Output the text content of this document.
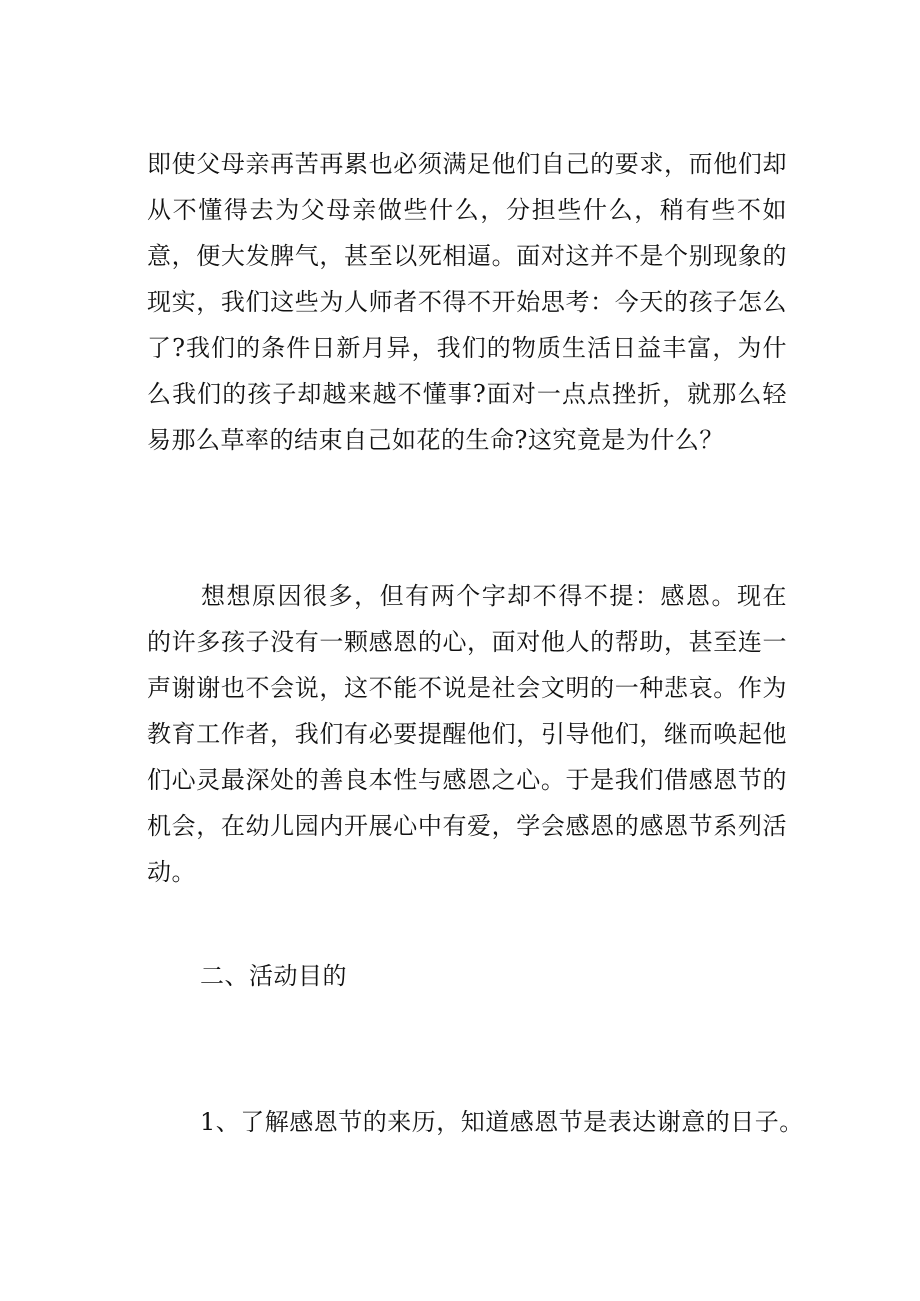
即使父母亲再苦再累也必须满足他们自己的要求，而他们却从不懂得去为父母亲做些什么，分担些什么，稍有些不如意，便大发脾气，甚至以死相逼。面对这并不是个别现象的现实，我们这些为人师者不得不开始思考：今天的孩子怎么了?我们的条件日新月异，我们的物质生活日益丰富，为什么我们的孩子却越来越不懂事?面对一点点挫折，就那么轻易那么草率的结束自己如花的生命?这究竟是为什么？

想想原因很多，但有两个字却不得不提：感恩。现在的许多孩子没有一颗感恩的心，面对他人的帮助，甚至连一声谢谢也不会说，这不能不说是社会文明的一种悲哀。作为教育工作者，我们有必要提醒他们，引导他们，继而唤起他们心灵最深处的善良本性与感恩之心。于是我们借感恩节的机会，在幼儿园内开展心中有爱，学会感恩的感恩节系列活动。

二、活动目的

1、了解感恩节的来历，知道感恩节是表达谢意的日子。
